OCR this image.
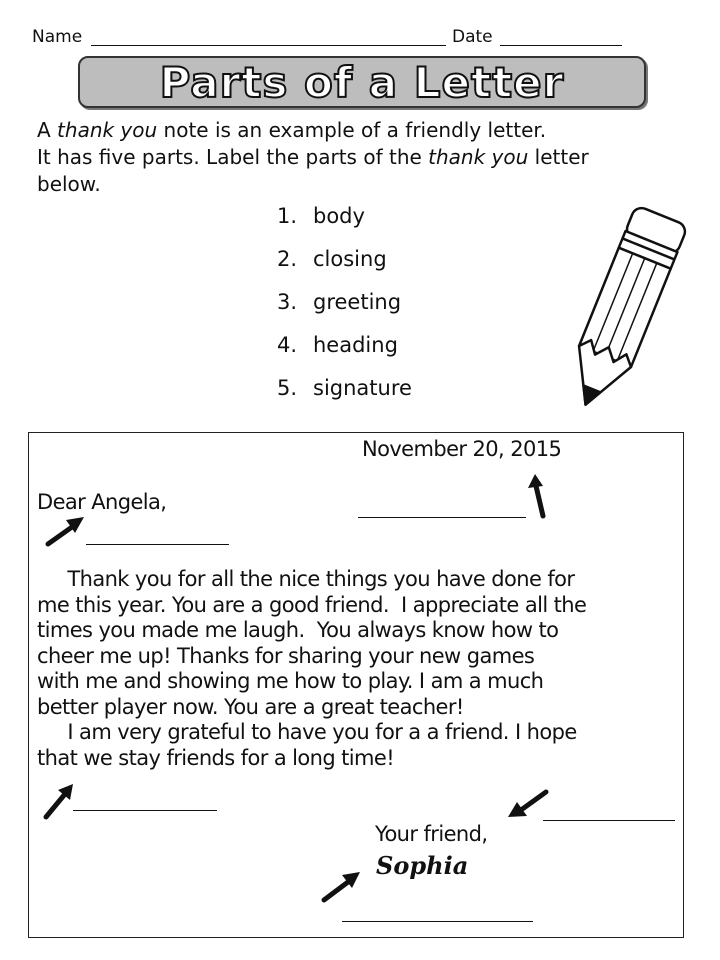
Name	Date
Parts of a Letter
A thank you note is an example of a friendly letter.
It has five parts. Label the parts of the thank you letter
below.
1. body
2. closing
3. greeting
4. heading
5. signature
November 20, 2015
Dear Angela,
Thank you for all the nice things you have done for
me this year. You are a good friend.  I appreciate all the
times you made me laugh.  You always know how to
cheer me up! Thanks for sharing your new games
with me and showing me how to play. I am a much
better player now. You are a great teacher!
I am very grateful to have you for a a friend. I hope
that we stay friends for a long time!
Your friend,
Sophia
